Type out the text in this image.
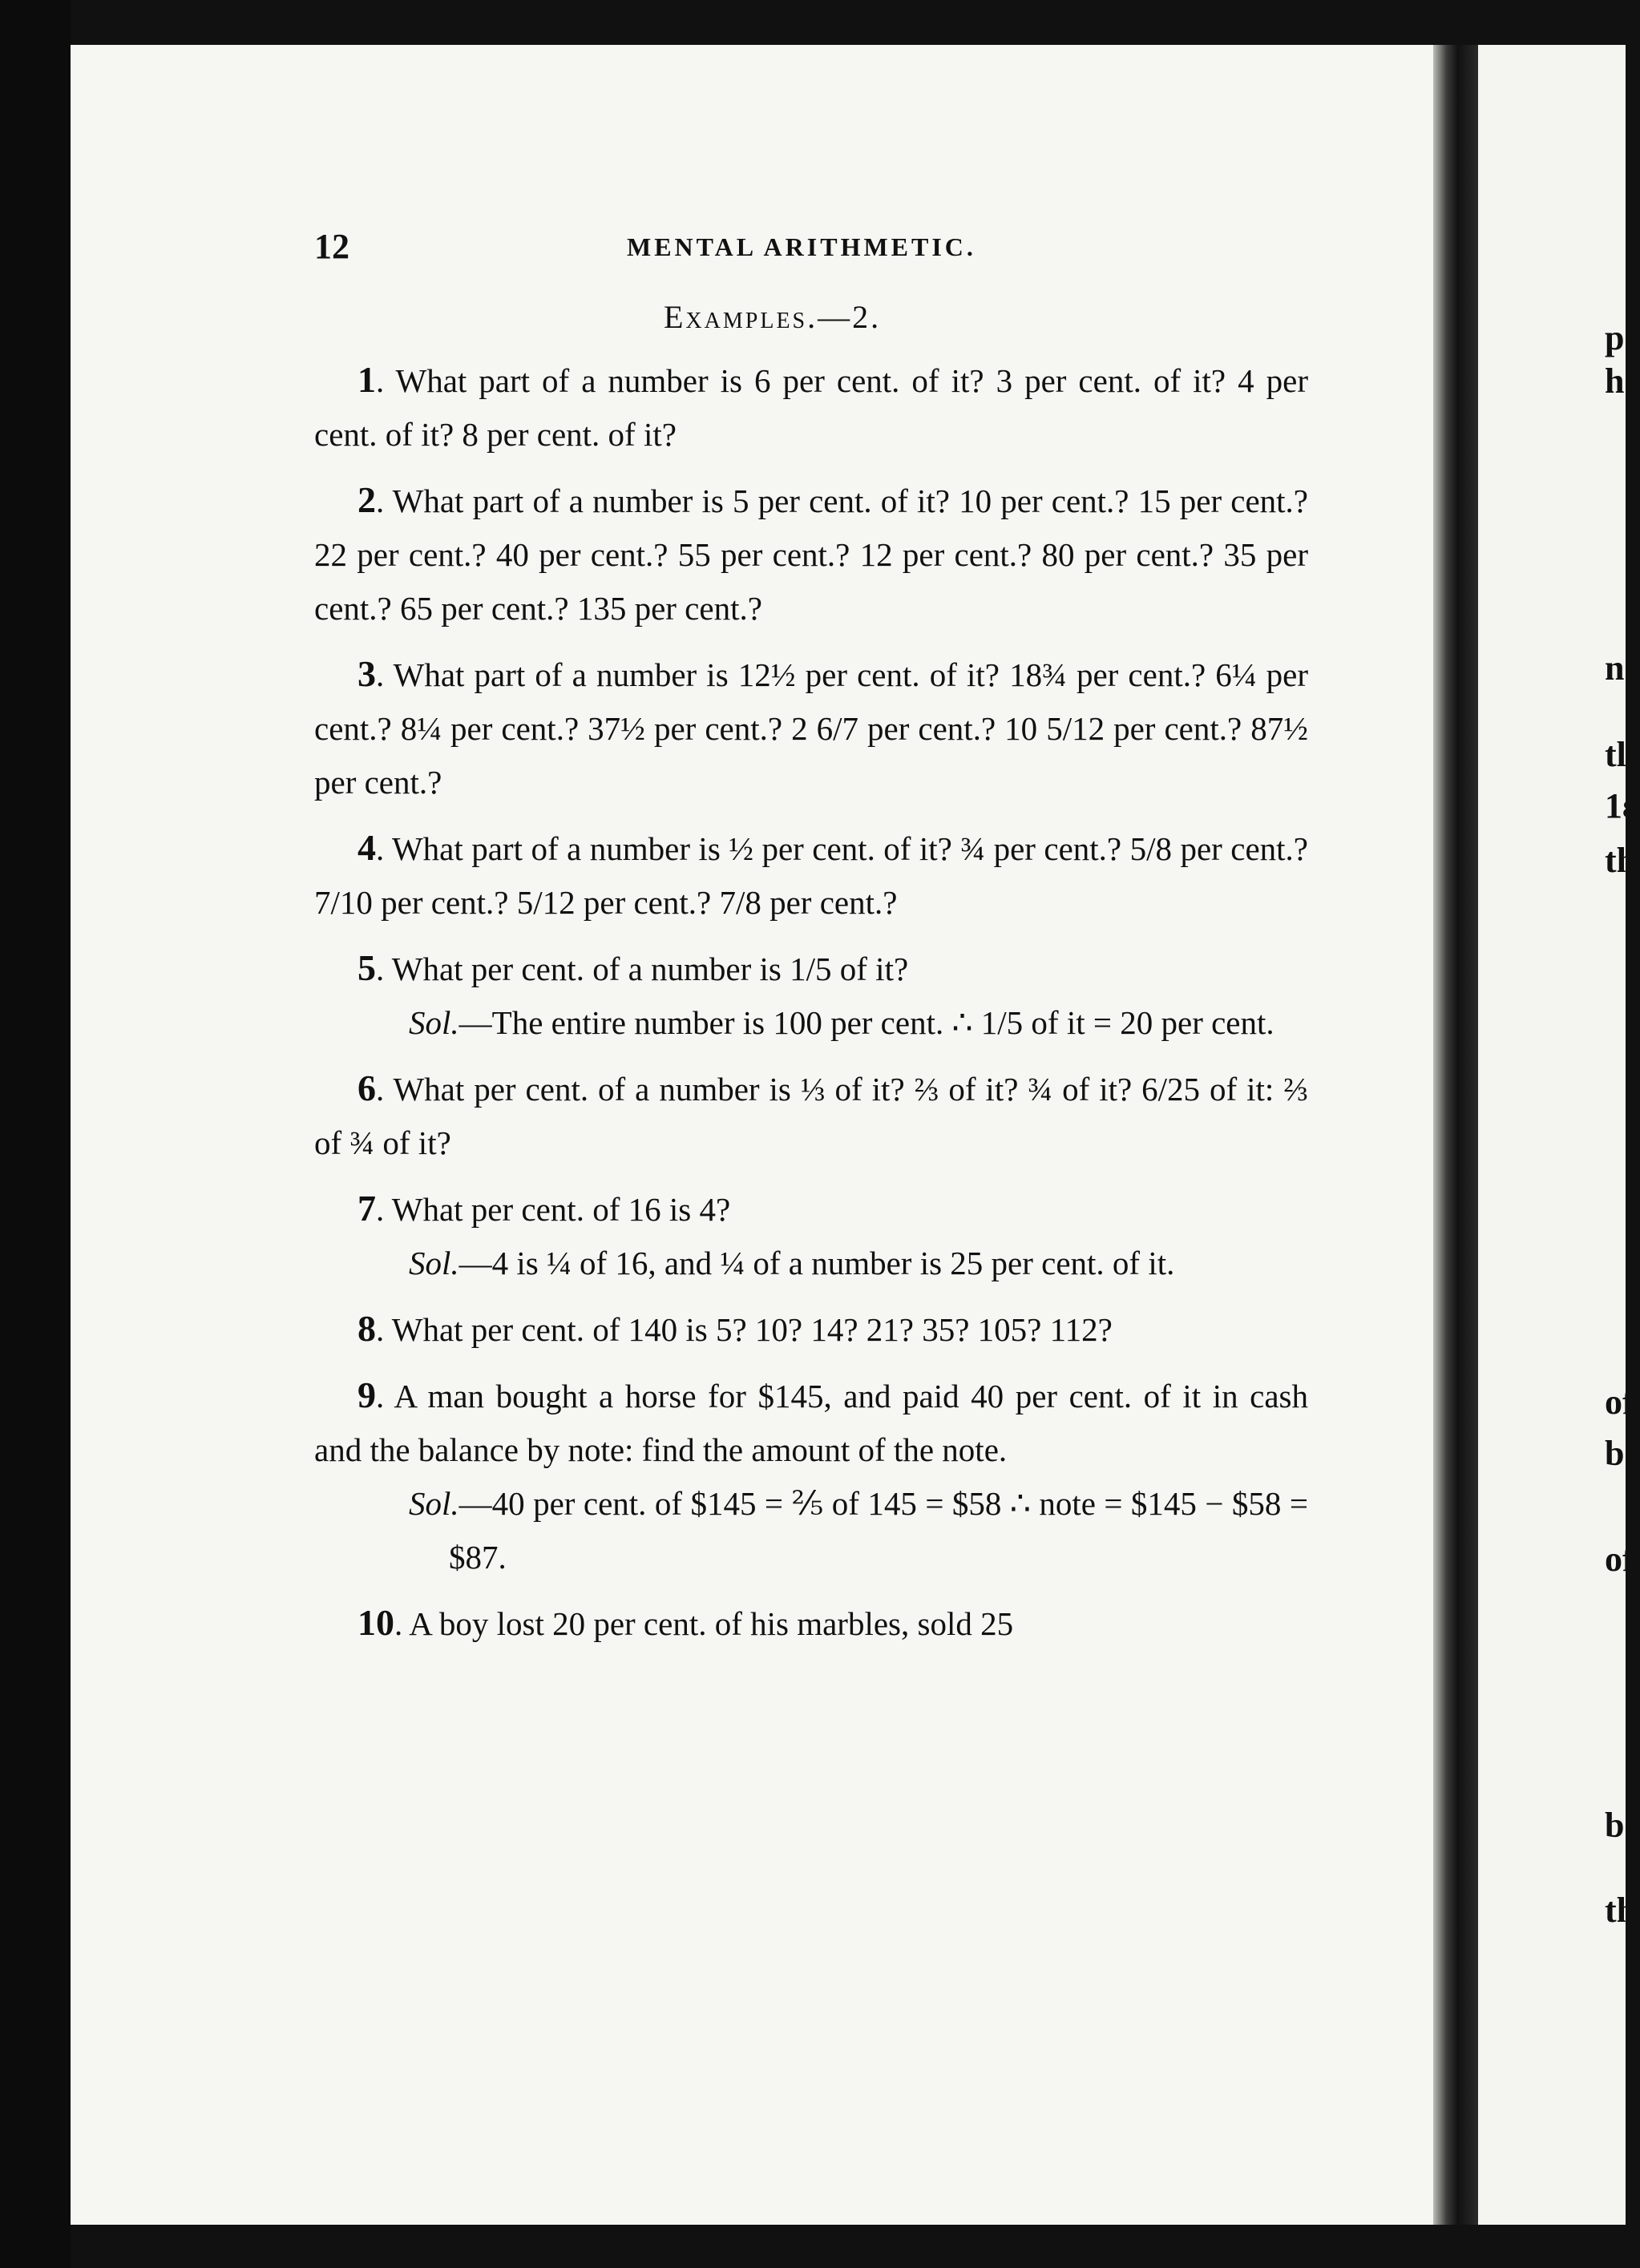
p
h
n
tl
1ε
th
of
be
of
be
th
12	MENTAL ARITHMETIC.
Examples.—2.

1. What part of a number is 6 per cent. of it? 3 per cent. of it? 4 per cent. of it? 8 per cent. of it?

2. What part of a number is 5 per cent. of it? 10 per cent.? 15 per cent.? 22 per cent.? 40 per cent.? 55 per cent.? 12 per cent.? 80 per cent.? 35 per cent.? 65 per cent.? 135 per cent.?

3. What part of a number is 12½ per cent. of it? 18¾ per cent.? 6¼ per cent.? 8¼ per cent.? 37½ per cent.? 2 6/7 per cent.? 10 5/12 per cent.? 87½ per cent.?

4. What part of a number is ½ per cent. of it? ¾ per cent.? 5/8 per cent.? 7/10 per cent.? 5/12 per cent.? 7/8 per cent.?

5. What per cent. of a number is 1/5 of it?

Sol.—The entire number is 100 per cent. ∴ 1/5 of it = 20 per cent.

6. What per cent. of a number is ⅓ of it? ⅔ of it? ¾ of it? 6/25 of it: ⅔ of ¾ of it?

7. What per cent. of 16 is 4?

Sol.—4 is ¼ of 16, and ¼ of a number is 25 per cent. of it.

8. What per cent. of 140 is 5? 10? 14? 21? 35? 105? 112?

9. A man bought a horse for $145, and paid 40 per cent. of it in cash and the balance by note: find the amount of the note.

Sol.—40 per cent. of $145 = ⅖ of 145 = $58 ∴ note = $145 − $58 = $87.

10. A boy lost 20 per cent. of his marbles, sold 25
